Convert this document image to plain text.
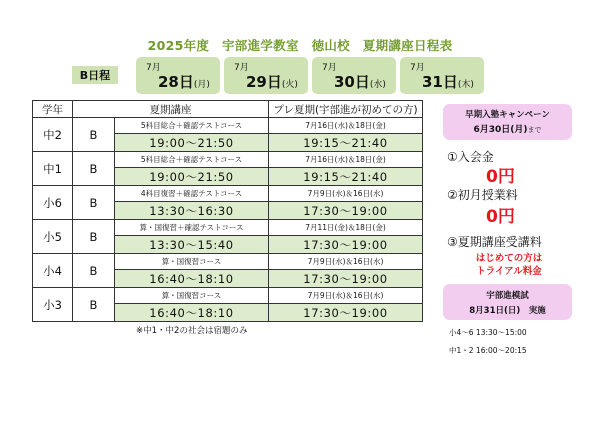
2025年度　宇部進学教室　徳山校　夏期講座日程表
B日程
7月
28日(月)
7月
29日(火)
7月
30日(水)
7月
31日(木)
学年	夏期講座		プレ夏期(宇部進が初めての方)
中2	B	5科目総合＋確認テストコース	7月16日(水)＆18日(金)
		19:00～21:50	19:15～21:40
中1	B	5科目総合＋確認テストコース	7月16日(水)＆18日(金)
		19:00～21:50	19:15～21:40
小6	B	4科目復習＋確認テストコース	7月9日(水)＆16日(水)
		13:30～16:30	17:30～19:00
小5	B	算・国復習＋確認テストコース	7月11日(金)＆18日(金)
		13:30～15:40	17:30～19:00
小4	B	算・国復習コース	7月9日(水)＆16日(水)
		16:40～18:10	17:30～19:00
小3	B	算・国復習コース	7月9日(水)＆16日(水)
		16:40～18:10	17:30～19:00
※中1・中2の社会は宿題のみ
早期入塾キャンペーン
6月30日(月)まで
①入会金
0円
②初月授業料
0円
③夏期講座受講料
はじめての方は
トライアル料金
宇部進模試
8月31日(日)　実施
小4～6 13:30～15:00
中1・2 16:00～20:15
